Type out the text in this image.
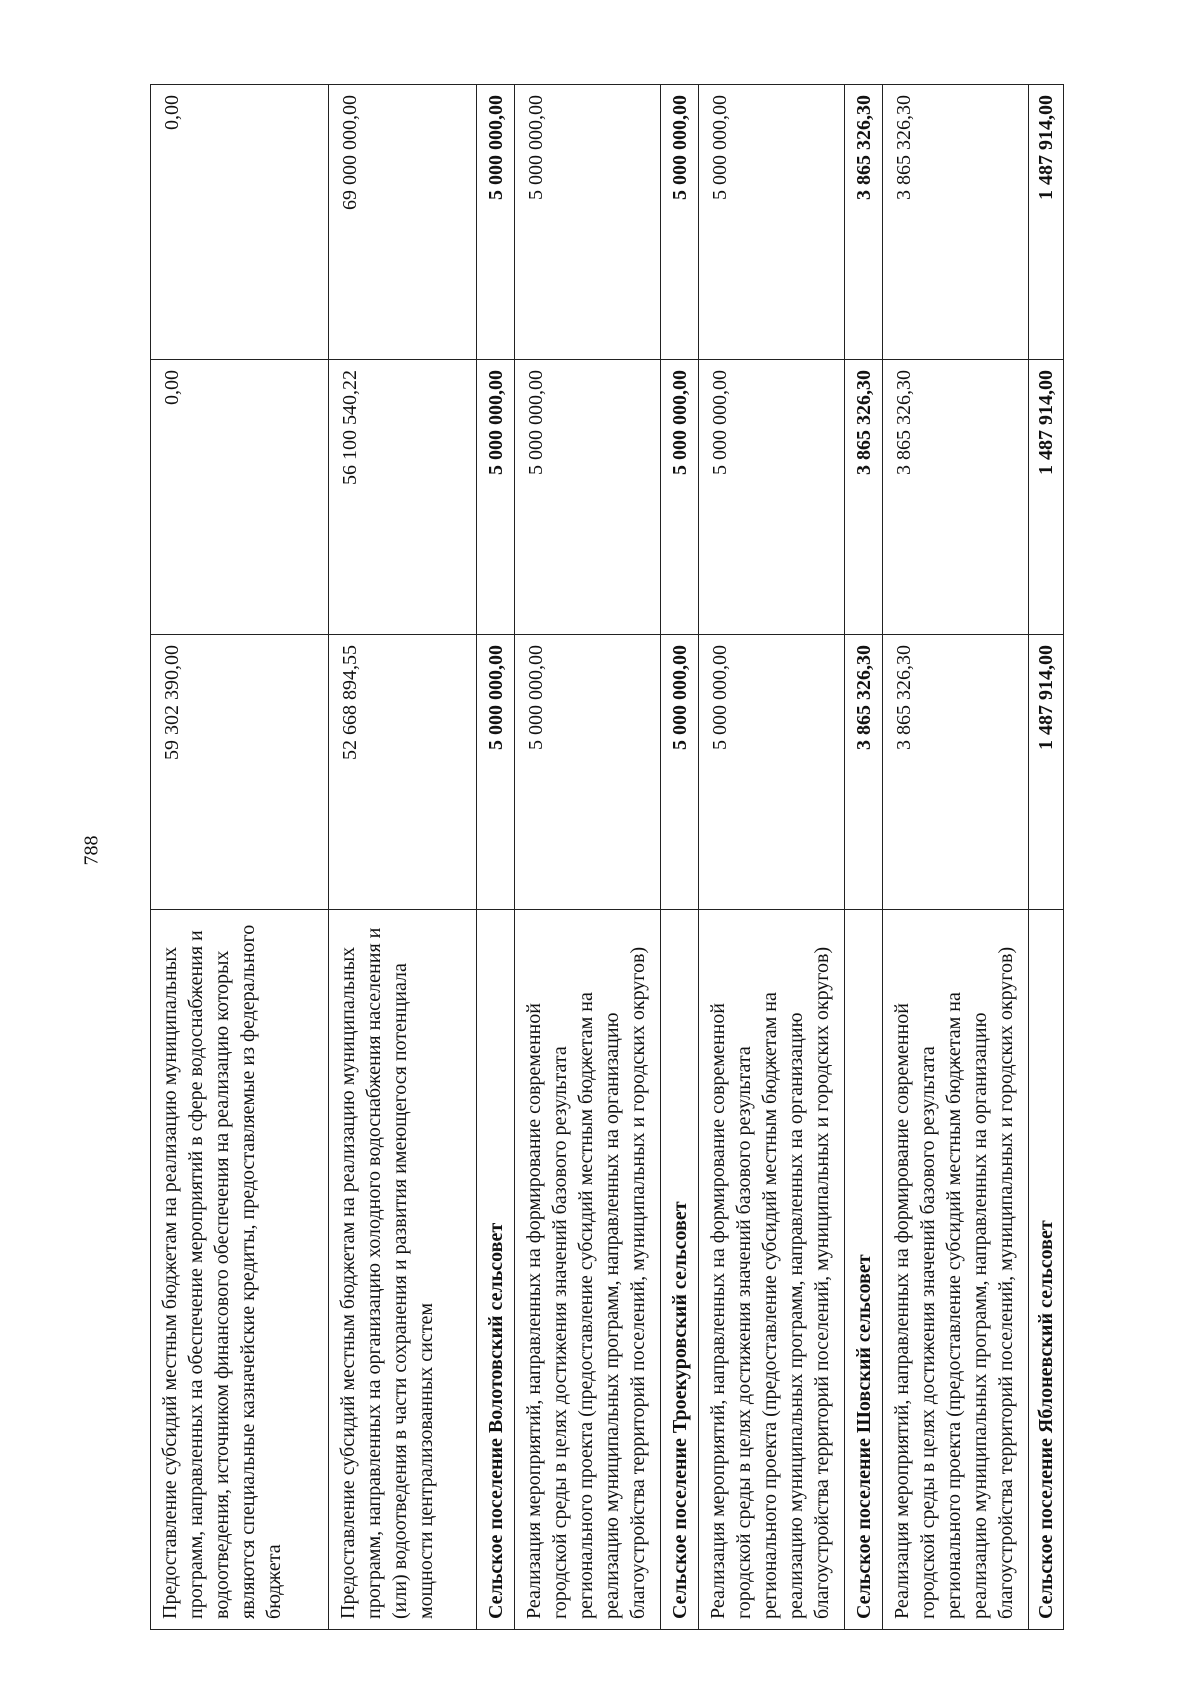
788
Предоставление субсидий местным бюджетам на реализацию муниципальных программ, направленных на обеспечение мероприятий в сфере водоснабжения и водоотведения, источником финансового обеспечения на реализацию которых являются специальные казначейские кредиты, предоставляемые из федерального бюджета	59 302 390,00	0,00	0,00
Предоставление субсидий местным бюджетам на реализацию муниципальных программ, направленных на организацию холодного водоснабжения населения и (или) водоотведения в части сохранения и развития имеющегося потенциала мощности централизованных систем	52 668 894,55	56 100 540,22	69 000 000,00
Сельское поселение Волотовский сельсовет	5 000 000,00	5 000 000,00	5 000 000,00
Реализация мероприятий, направленных на формирование современной городской среды в целях достижения значений базового результата регионального проекта (предоставление субсидий местным бюджетам на реализацию муниципальных программ, направленных на организацию благоустройства территорий поселений, муниципальных и городских округов)	5 000 000,00	5 000 000,00	5 000 000,00
Сельское поселение Троекуровский сельсовет	5 000 000,00	5 000 000,00	5 000 000,00
Реализация мероприятий, направленных на формирование современной городской среды в целях достижения значений базового результата регионального проекта (предоставление субсидий местным бюджетам на реализацию муниципальных программ, направленных на организацию благоустройства территорий поселений, муниципальных и городских округов)	5 000 000,00	5 000 000,00	5 000 000,00
Сельское поселение Шовский сельсовет	3 865 326,30	3 865 326,30	3 865 326,30
Реализация мероприятий, направленных на формирование современной городской среды в целях достижения значений базового результата регионального проекта (предоставление субсидий местным бюджетам на реализацию муниципальных программ, направленных на организацию благоустройства территорий поселений, муниципальных и городских округов)	3 865 326,30	3 865 326,30	3 865 326,30
Сельское поселение Яблоневский сельсовет	1 487 914,00	1 487 914,00	1 487 914,00
